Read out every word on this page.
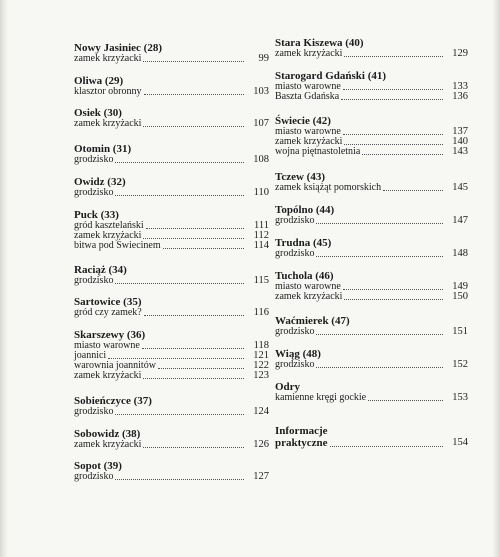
Nowy Jasiniec (28)
zamek krzyżacki	99
Oliwa (29)
klasztor obronny	103
Osiek (30)
zamek krzyżacki	107
Otomin (31)
grodzisko	108
Owidz (32)
grodzisko	110
Puck (33)
gród kasztelański	111
zamek krzyżacki	112
bitwa pod Świecinem	114
Raciąż (34)
grodzisko	115
Sartowice (35)
gród czy zamek?	116
Skarszewy (36)
miasto warowne	118
joannici	121
warownia joannitów	122
zamek krzyżacki	123
Sobieńczyce (37)
grodzisko	124
Sobowidz (38)
zamek krzyżacki	126
Sopot (39)
grodzisko	127
Stara Kiszewa (40)
zamek krzyżacki	129
Starogard Gdański (41)
miasto warowne	133
Baszta Gdańska	136
Świecie (42)
miasto warowne	137
zamek krzyżacki	140
wojna piętnastoletnia	143
Tczew (43)
zamek książąt pomorskich	145
Topólno (44)
grodzisko	147
Trudna (45)
grodzisko	148
Tuchola (46)
miasto warowne	149
zamek krzyżacki	150
Waćmierek (47)
grodzisko	151
Wiąg (48)
grodzisko	152
Odry
kamienne kręgi gockie	153
Informacje
praktyczne	154
